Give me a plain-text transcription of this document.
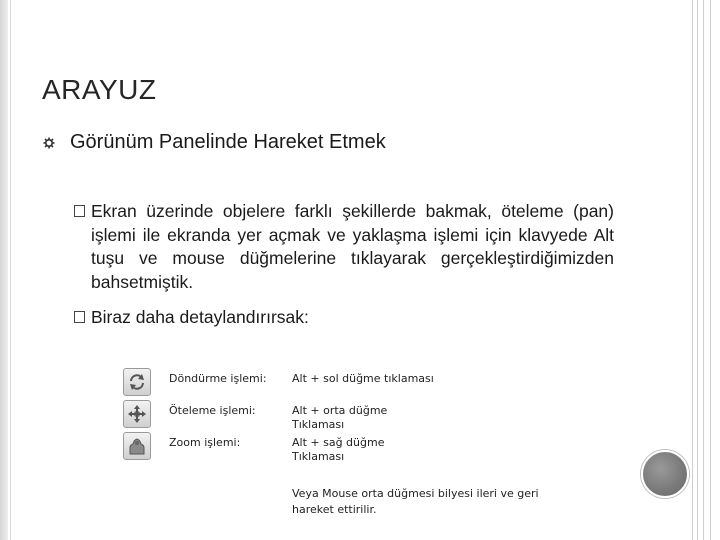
ARAYUZ
Görünüm Panelinde Hareket Etmek
Ekran üzerinde objelere farklı şekillerde bakmak, öteleme (pan) işlemi ile ekranda yer açmak ve yaklaşma işlemi için klavyede Alt tuşu ve mouse düğmelerine tıklayarak gerçekleştirdiğimizden bahsetmiştik.
Biraz daha detaylandırırsak:
Döndürme işlemi: Alt + sol düğme tıklaması
Öteleme işlemi:	Alt + orta düğme
Tıklaması
Zoom işlemi:	Alt + sağ düğme
Tıklaması
Veya Mouse orta düğmesi bilyesi ileri ve geri hareket ettirilir.
